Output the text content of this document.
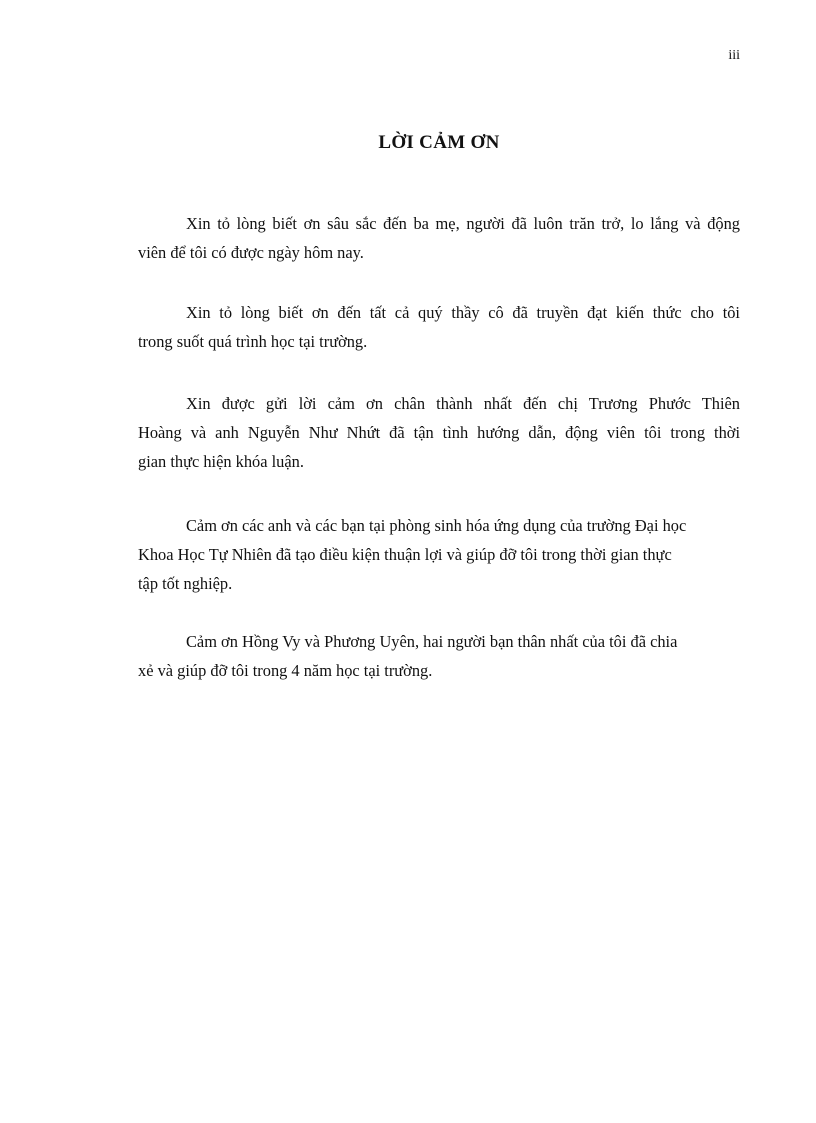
iii
LỜI CẢM ƠN
Xin tỏ lòng biết ơn sâu sắc đến ba mẹ, người đã luôn trăn trở, lo lắng và động
viên để tôi có được ngày hôm nay.
Xin tỏ lòng biết ơn đến tất cả quý thầy cô đã truyền đạt kiến thức cho tôi
trong suốt quá trình học tại trường.
Xin được gửi lời cảm ơn chân thành nhất đến chị Trương Phước Thiên
Hoàng và anh Nguyễn Như Nhứt đã tận tình hướng dẫn, động viên tôi trong thời
gian thực hiện khóa luận.
Cảm ơn các anh và các bạn tại phòng sinh hóa ứng dụng của trường Đại học
Khoa Học Tự Nhiên đã tạo điều kiện thuận lợi và giúp đỡ tôi trong thời gian thực
tập tốt nghiệp.
Cảm ơn Hồng Vy và Phương Uyên, hai người bạn thân nhất của tôi đã chia
xẻ và giúp đỡ tôi trong 4 năm học tại trường.
